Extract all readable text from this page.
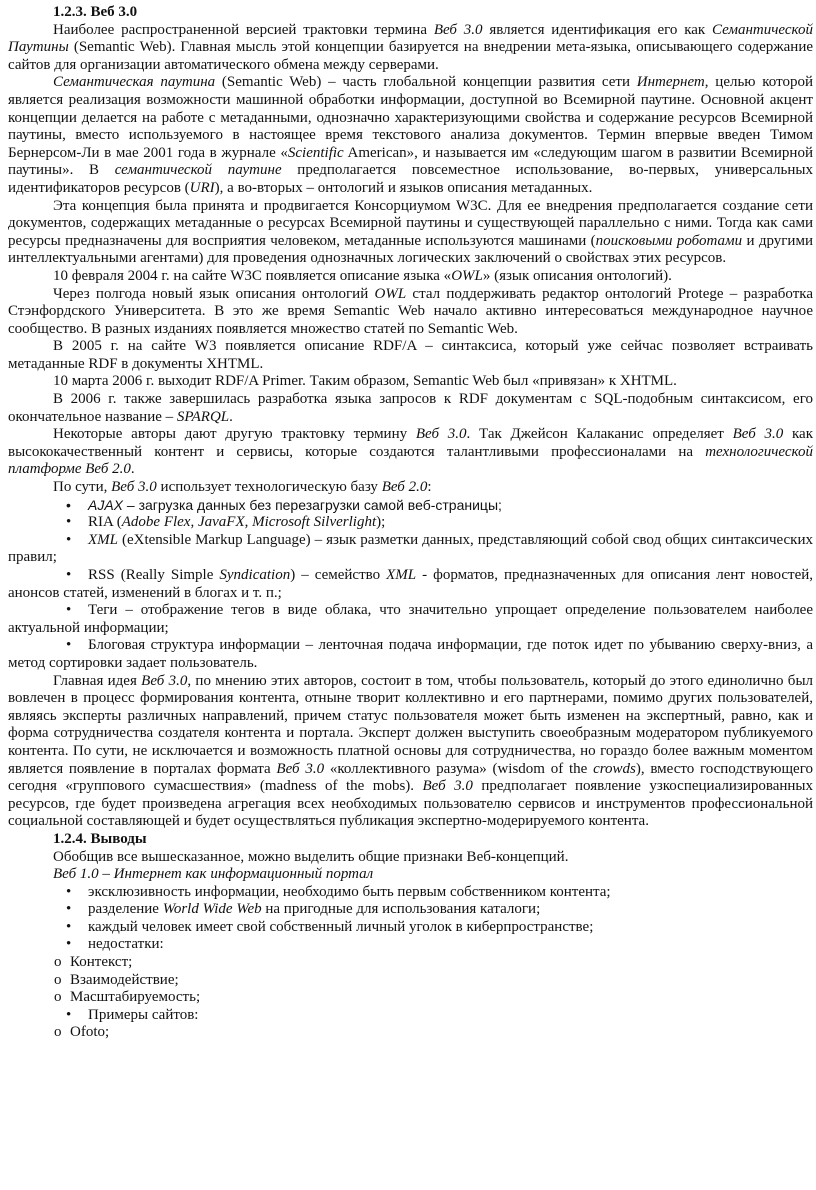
1.2.3. Веб 3.0

Наиболее распространенной версией трактовки термина Веб 3.0 является идентификация его как Семантической Паутины (Semantic Web). Главная мысль этой концепции базируется на внедрении мета-языка, описывающего содержание сайтов для организации автоматического обмена между серверами.

Семантическая паутина (Semantic Web) – часть глобальной концепции развития сети Интернет, целью которой является реализация возможности машинной обработки информации, доступной во Всемирной паутине. Основной акцент концепции делается на работе с метаданными, однозначно характеризующими свойства и содержание ресурсов Всемирной паутины, вместо используемого в настоящее время текстового анализа документов. Термин впервые введен Тимом Бернерсом-Ли в мае 2001 года в журнале «Scientific American», и называется им «следующим шагом в развитии Всемирной паутины». В семантической паутине предполагается повсеместное использование, во-первых, универсальных идентификаторов ресурсов (URI), а во-вторых – онтологий и языков описания метаданных.

Эта концепция была принята и продвигается Консорциумом W3C. Для ее внедрения предполагается создание сети документов, содержащих метаданные о ресурсах Всемирной паутины и существующей параллельно с ними. Тогда как сами ресурсы предназначены для восприятия человеком, метаданные используются машинами (поисковыми роботами и другими интеллектуальными агентами) для проведения однозначных логических заключений о свойствах этих ресурсов.

10 февраля 2004 г. на сайте W3C появляется описание языка «OWL» (язык описания онтологий).

Через полгода новый язык описания онтологий OWL стал поддерживать редактор онтологий Protege – разработка Стэнфордского Университета. В это же время Semantic Web начало активно интересоваться международное научное сообщество. В разных изданиях появляется множество статей по Semantic Web.

В 2005 г. на сайте W3 появляется описание RDF/A – синтаксиса, который уже сейчас позволяет встраивать метаданные RDF в документы XHTML.

10 марта 2006 г. выходит RDF/A Primer. Таким образом, Semantic Web был «привязан» к XHTML.

В 2006 г. также завершилась разработка языка запросов к RDF документам с SQL-подобным синтаксисом, его окончательное название – SPARQL.

Некоторые авторы дают другую трактовку термину Веб 3.0. Так Джейсон Калаканис определяет Веб 3.0 как высококачественный контент и сервисы, которые создаются талантливыми профессионалами на технологической платформе Веб 2.0.

По сути, Веб 3.0 использует технологическую базу Веб 2.0:

• AJAX – загрузка данных без перезагрузки самой веб-страницы;

• RIA (Adobe Flex, JavaFX, Microsoft Silverlight);

• XML (eXtensible Markup Language) – язык разметки данных, представляющий собой свод общих синтаксических правил;

• RSS (Really Simple Syndication) – семейство XML - форматов, предназначенных для описания лент новостей, анонсов статей, изменений в блогах и т. п.;

• Теги – отображение тегов в виде облака, что значительно упрощает определение пользователем наиболее актуальной информации;

• Блоговая структура информации – ленточная подача информации, где поток идет по убыванию сверху-вниз, а метод сортировки задает пользователь.

Главная идея Веб 3.0, по мнению этих авторов, состоит в том, чтобы пользователь, который до этого единолично был вовлечен в процесс формирования контента, отныне творит коллективно и его партнерами, помимо других пользователей, являясь эксперты различных направлений, причем статус пользователя может быть изменен на экспертный, равно, как и форма сотрудничества создателя контента и портала. Эксперт должен выступить своеобразным модератором публикуемого контента. По сути, не исключается и возможность платной основы для сотрудничества, но гораздо более важным моментом является появление в порталах формата Веб 3.0 «коллективного разума» (wisdom of the crowds), вместо господствующего сегодня «группового сумасшествия» (madness of the mobs). Веб 3.0 предполагает появление узкоспециализированных ресурсов, где будет произведена агрегация всех необходимых пользователю сервисов и инструментов профессиональной социальной составляющей и будет осуществляться публикация экспертно-модерируемого контента.

1.2.4. Выводы

Обобщив все вышесказанное, можно выделить общие признаки Веб-концепций.

Веб 1.0 – Интернет как информационный портал

• эксклюзивность информации, необходимо быть первым собственником контента;

• разделение World Wide Web на пригодные для использования каталоги;

• каждый человек имеет свой собственный личный уголок в киберпространстве;

• недостатки:

o Контекст;

o Взаимодействие;

o Масштабируемость;

• Примеры сайтов:

o Ofoto;
